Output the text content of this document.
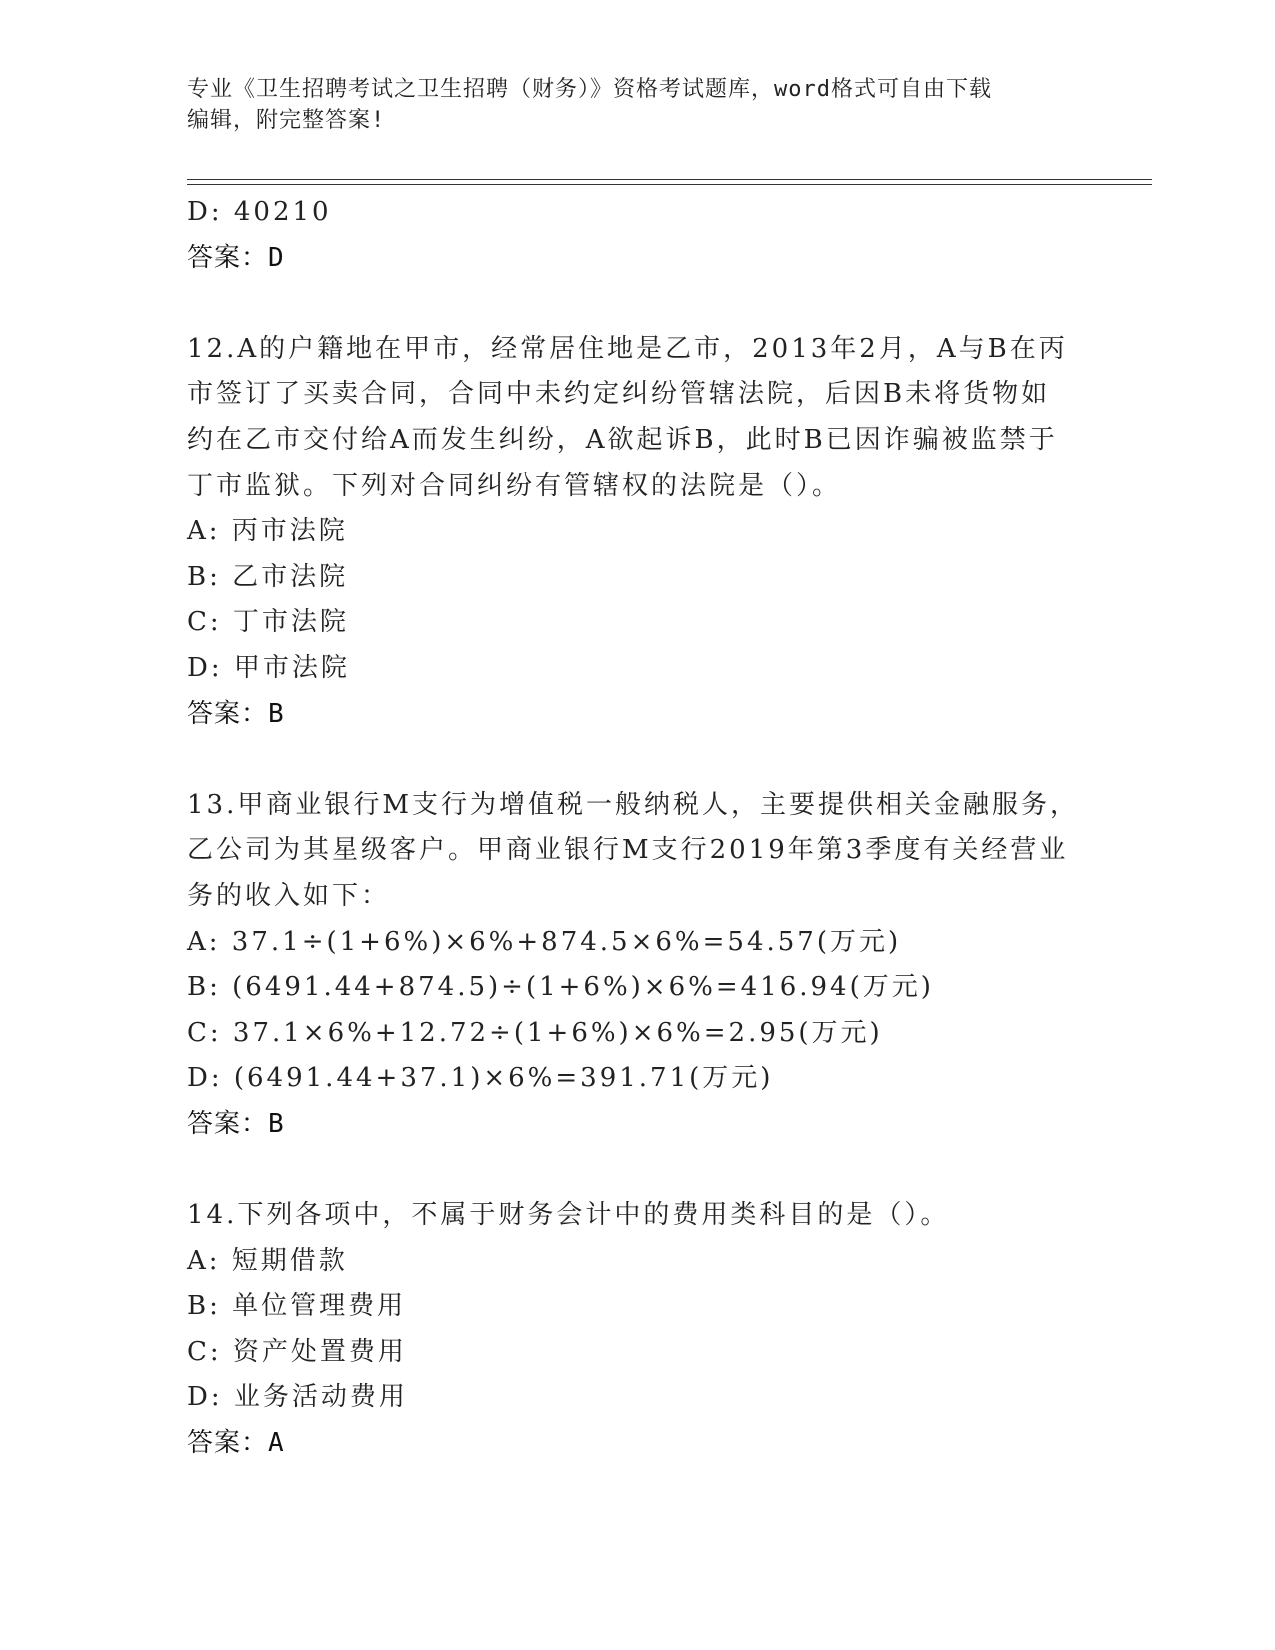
专业《卫生招聘考试之卫生招聘（财务）》资格考试题库，word格式可自由下载
编辑，附完整答案!
D: 40210
答案：D
12.A的户籍地在甲市，经常居住地是乙市，2013年2月，A与B在丙
市签订了买卖合同，合同中未约定纠纷管辖法院，后因B未将货物如
约在乙市交付给A而发生纠纷，A欲起诉B，此时B已因诈骗被监禁于
丁市监狱。下列对合同纠纷有管辖权的法院是（）。
A: 丙市法院
B: 乙市法院
C: 丁市法院
D: 甲市法院
答案：B
13.甲商业银行M支行为增值税一般纳税人，主要提供相关金融服务，
乙公司为其星级客户。甲商业银行M支行2019年第3季度有关经营业
务的收入如下：
A: 37.1÷(1+6%)×6%+874.5×6%=54.57(万元)
B: (6491.44+874.5)÷(1+6%)×6%=416.94(万元)
C: 37.1×6%+12.72÷(1+6%)×6%=2.95(万元)
D: (6491.44+37.1)×6%=391.71(万元)
答案：B
14.下列各项中，不属于财务会计中的费用类科目的是（）。
A: 短期借款
B: 单位管理费用
C: 资产处置费用
D: 业务活动费用
答案：A
